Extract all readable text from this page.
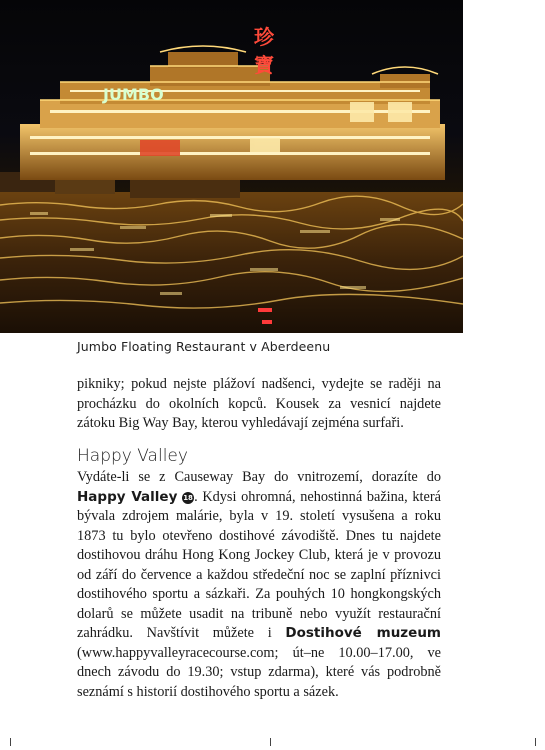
JUMBO
珍
寶
Jumbo Floating Restaurant v Aberdeenu

pikniky; pokud nejste plážoví nadšenci, vydejte se raději na procházku do okolních kopců. Kousek za vesnicí najdete zátoku Big Way Bay, kterou vyhledávají zejména surfaři.

Happy Valley

Vydáte-li se z Causeway Bay do vnitrozemí, dorazíte do Happy Valley 18. Kdysi ohromná, nehostinná bažina, která bývala zdrojem malárie, byla v 19. století vysušena a roku 1873 tu bylo otevřeno dostihové závodiště. Dnes tu najdete dostihovou dráhu Hong Kong Jockey Club, která je v provozu od září do července a každou středeční noc se zaplní příznivci dostihového sportu a sázkaři. Za pouhých 10 hongkongských dolarů se můžete usadit na tribuně nebo využít restaurační zahrádku. Navštívit můžete i Dostihové muzeum (www.happyvalleyracecourse.com; út–ne 10.00–17.00, ve dnech závodu do 19.30; vstup zdarma), které vás podrobně seznámí s historií dostihového sportu a sázek.
